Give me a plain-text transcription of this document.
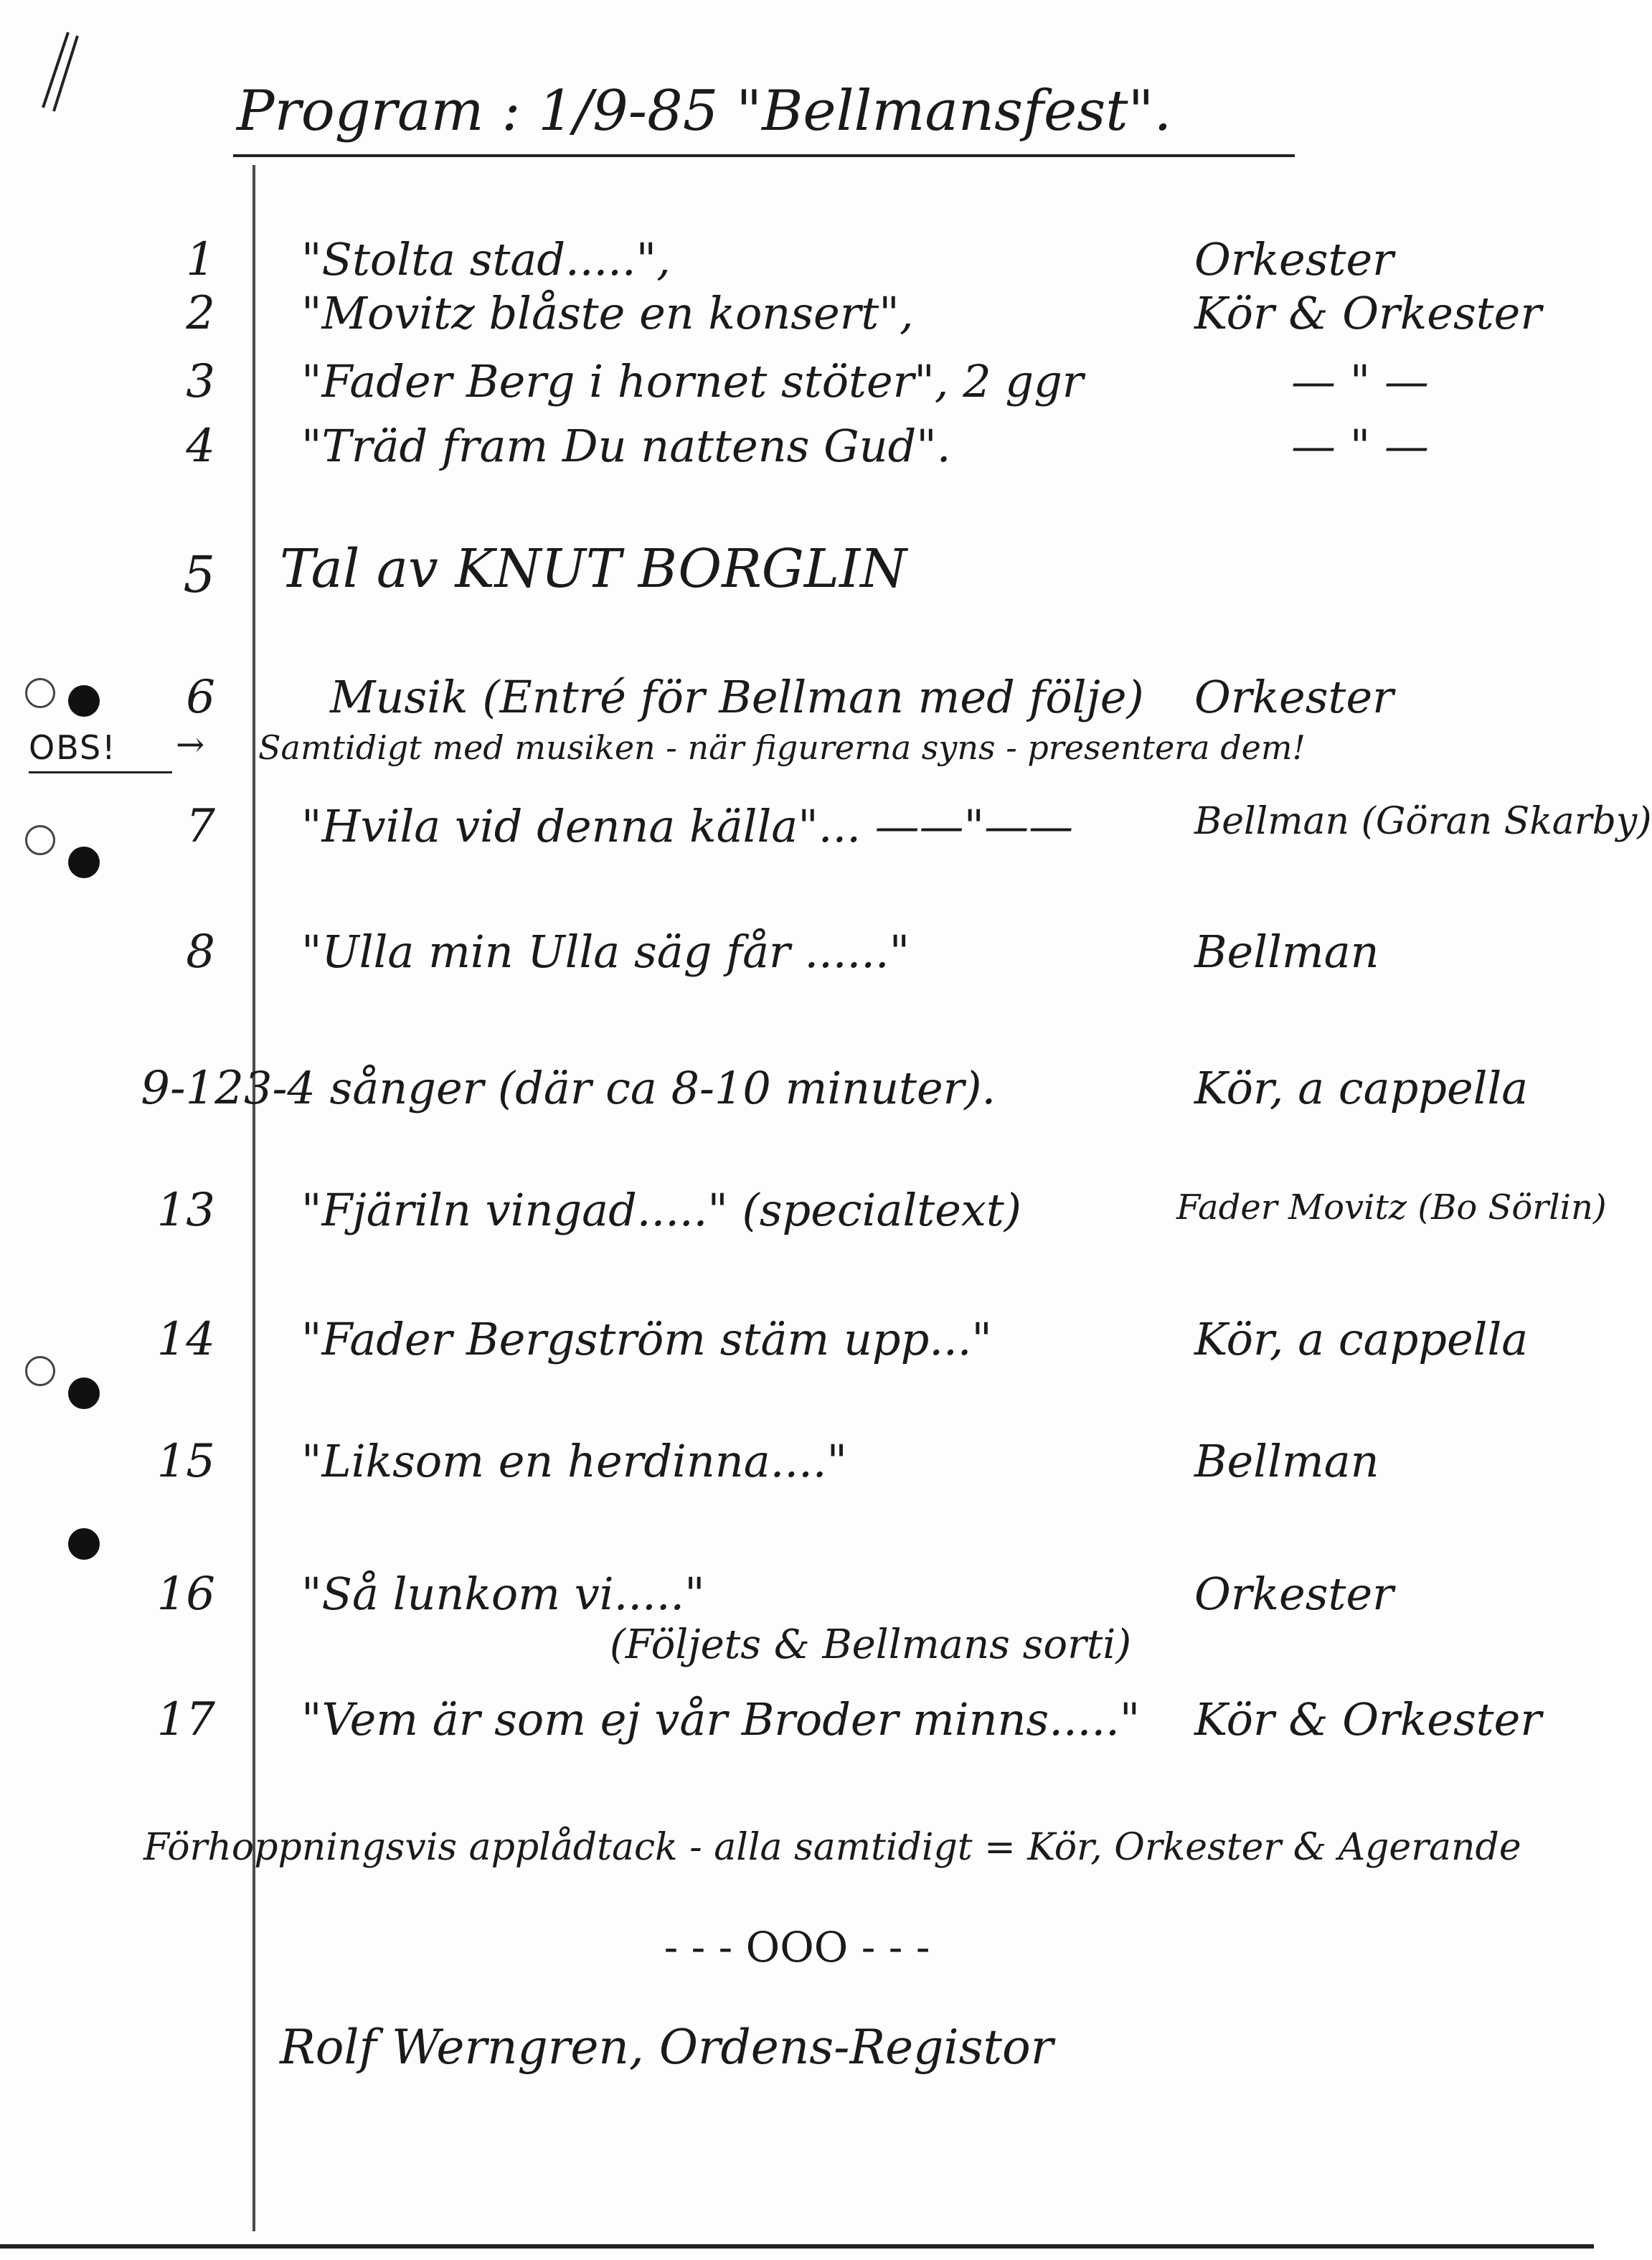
Program : 1/9-85 "Bellmansfest".
1 "Stolta stad.....",	Orkester
2 "Movitz blåste en konsert",	Kör & Orkester
3 "Fader Berg i hornet stöter", 2 ggr	— " —
4 "Träd fram Du nattens Gud".	— " —
5 Tal av KNUT BORGLIN
6	Musik (Entré för Bellman med följe) Orkester
OBS! → Samtidigt med musiken - när figurerna syns - presentera dem!
7 "Hvila vid denna källa"... ——"——	Bellman (Göran Skarby)
8 "Ulla min Ulla säg får ......"	Bellman
9-12 3-4 sånger (där ca 8-10 minuter).	Kör, a cappella
13 "Fjäriln vingad....." (specialtext)	Fader Movitz (Bo Sörlin)
14 "Fader Bergström stäm upp..."	Kör, a cappella
15 "Liksom en herdinna...."	Bellman
16 "Så lunkom vi....."	Orkester
(Följets & Bellmans sorti)
17 "Vem är som ej vår Broder minns....." Kör & Orkester
Förhoppningsvis applådtack - alla samtidigt = Kör, Orkester & Agerande
- - - OOO - - -
Rolf Werngren, Ordens-Registor
